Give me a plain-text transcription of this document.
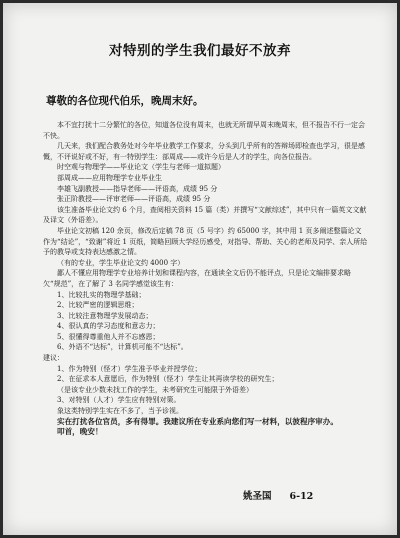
对特别的学生我们最好不放弃
尊敬的各位现代伯乐，晚周末好。

本不宜打扰十二分繁忙的各位，知道各位没有周末，也就无所谓早周末晚周末，但不报告不行一定会不快。

几天来，我们配合教务处对今年毕业教学工作要求，分头到几乎所有的答辩场即检查也学习，很是感慨，不评说好或不好，有一特别学生：部周成——或许今后是人才的学生，向各位报告。

时空观与物理学——毕业论文（学生与老师一道拟题）

部周成——应用物理学专业毕业生

李雄飞副教授——指导老师——评语高，成绩 95 分

张正阶教授——评审老师——评语高，成绩 95 分

该生准备毕业论文约 6 个月，查阅相关资料 15 篇（类）并撰写“文献综述”，其中只有一篇英文文献及译文（外语差）。

毕业论文初稿 120 余页，修改后定稿 78 页（5 号字）约 65000 字，其中用 1 页多阐述整篇论文作为“结论”，“致谢”将近 1 页纸，简略回顾大学经历感受，对指导、帮助、关心的老师及同学、亲人所给予的教导或支持表达感激之情。

（有的专业，学生毕业论文约 4000 字）

鄙人不懂应用物理学专业培养计划和课程内容，在通读全文后仍不能评点，只是论文编排要求略欠“规范”，在了解了 3 名同学感觉该生有：

1、比较扎实的物理学基础；

2、比较严密的逻辑思维；

3、比较注意物理学发展动态；

4、很认真的学习态度和意志力；

5、很懂得尊重他人并不忘感恩；

6、外语不“达标”，计算机可能不“达标”。

建议：

1、作为特别（怪才）学生准予毕业并授学位；

2、在征求本人意愿后，作为特别（怪才）学生让其再读学校的研究生；

（是该专业少数未找工作的学生，未考研究生可能限于外语差）

3、对特别（人才）学生应有特别对策。

象这类特别学生实在不多了，当予诊视。

实在打扰各位官员，多有得罪。我建议所在专业系向您们写一材料，以彼程序审办。

叩首，晚安！

姚圣国 6-12
